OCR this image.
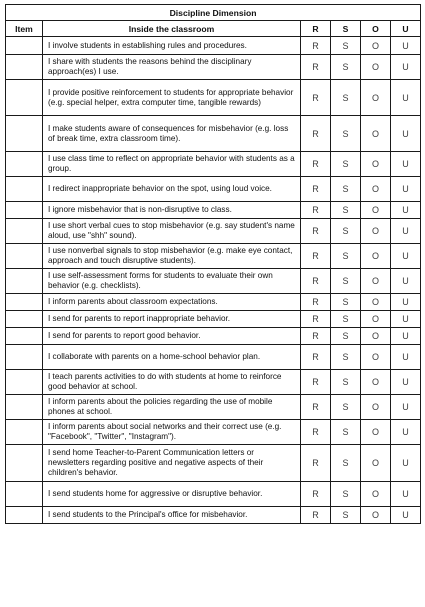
Discipline Dimension					
Item	Inside the classroom	R	S	O	U
	I involve students in establishing rules and procedures.	R	S	O	U
	I share with students the reasons behind the disciplinary approach(es) I use.	R	S	O	U
	I provide positive reinforcement to students for appropriate behavior (e.g. special helper, extra computer time, tangible rewards)	R	S	O	U
	I make students aware of consequences for misbehavior (e.g. loss of break time, extra classroom time).	R	S	O	U
	I use class time to reflect on appropriate behavior with students as a group.	R	S	O	U
	I redirect inappropriate behavior on the spot, using loud voice.	R	S	O	U
	I ignore misbehavior that is non-disruptive to class.	R	S	O	U
	I use short verbal cues to stop misbehavior (e.g. say student's name aloud, use "shh" sound).	R	S	O	U
	I use nonverbal signals to stop misbehavior (e.g. make eye contact, approach and touch disruptive students).	R	S	O	U
	I use self-assessment forms for students to evaluate their own behavior (e.g. checklists).	R	S	O	U
	I inform parents about classroom expectations.	R	S	O	U
	I send for parents to report inappropriate behavior.	R	S	O	U
	I send for parents to report good behavior.	R	S	O	U
	I collaborate with parents on a home-school behavior plan.	R	S	O	U
	I teach parents activities to do with students at home to reinforce good behavior at school.	R	S	O	U
	I inform parents about the policies regarding the use of mobile phones at school.	R	S	O	U
	I inform parents about social networks and their correct use (e.g. "Facebook", "Twitter", "Instagram").	R	S	O	U
	I send home Teacher-to-Parent Communication letters or newsletters regarding positive and negative aspects of their children's behavior.	R	S	O	U
	I send students home for aggressive or disruptive behavior.	R	S	O	U
	I send students to the Principal's office for misbehavior.	R	S	O	U
